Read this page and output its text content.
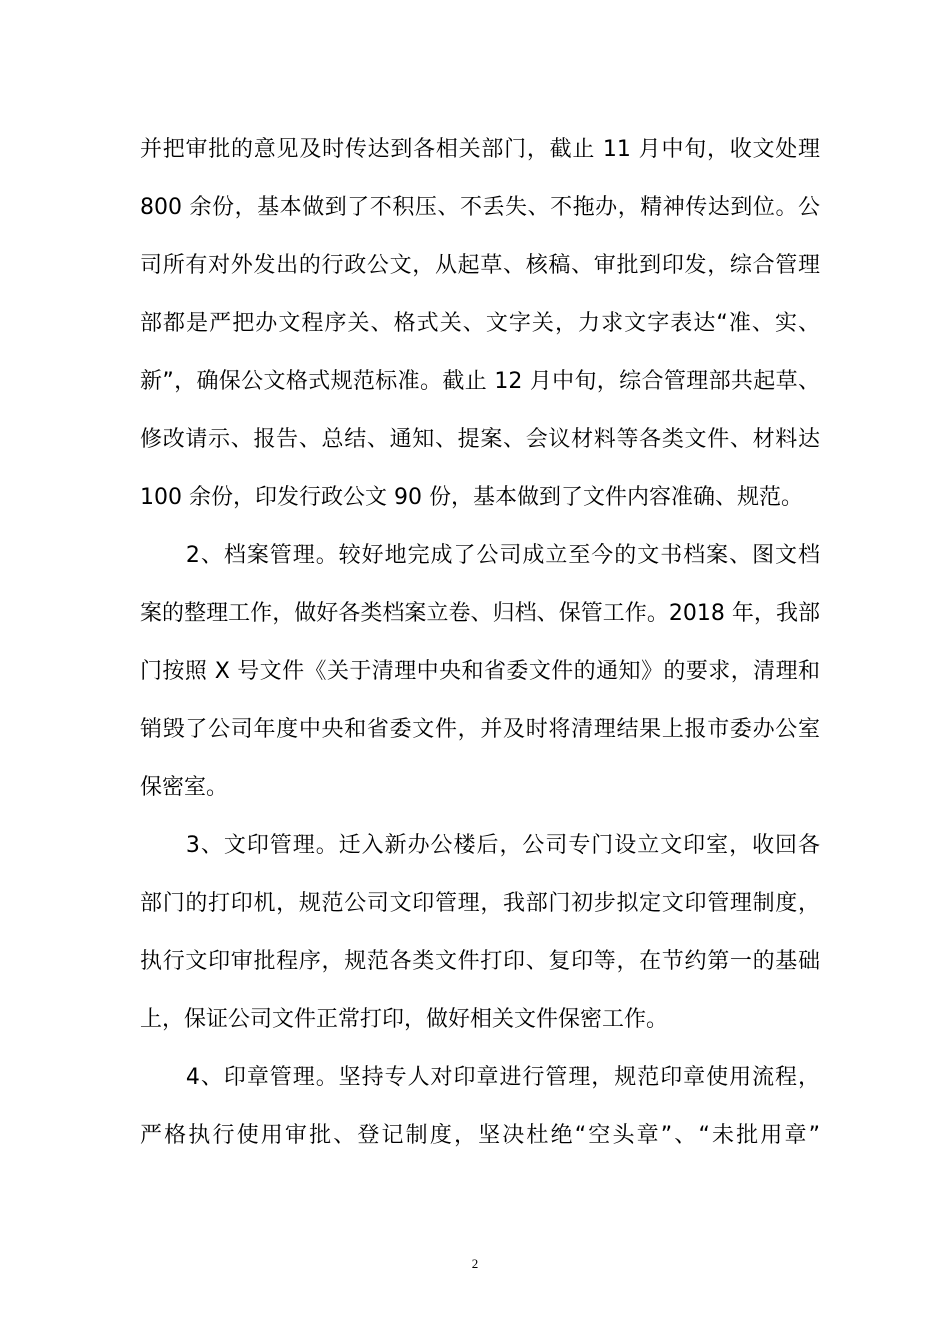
并把审批的意见及时传达到各相关部门，截止 11 月中旬，收文处理
800 余份，基本做到了不积压、不丢失、不拖办，精神传达到位。公
司所有对外发出的行政公文，从起草、核稿、审批到印发，综合管理
部都是严把办文程序关、格式关、文字关，力求文字表达“准、实、
新”，确保公文格式规范标准。截止 12 月中旬，综合管理部共起草、
修改请示、报告、总结、通知、提案、会议材料等各类文件、材料达
100 余份，印发行政公文 90 份，基本做到了文件内容准确、规范。
　　2、档案管理。较好地完成了公司成立至今的文书档案、图文档
案的整理工作，做好各类档案立卷、归档、保管工作。2018 年，我部
门按照 X 号文件《关于清理中央和省委文件的通知》的要求，清理和
销毁了公司年度中央和省委文件，并及时将清理结果上报市委办公室
保密室。
　　3、文印管理。迁入新办公楼后，公司专门设立文印室，收回各
部门的打印机，规范公司文印管理，我部门初步拟定文印管理制度，
执行文印审批程序，规范各类文件打印、复印等，在节约第一的基础
上，保证公司文件正常打印，做好相关文件保密工作。
　　4、印章管理。坚持专人对印章进行管理，规范印章使用流程，
严格执行使用审批、登记制度，坚决杜绝“空头章”、“未批用章”
2
